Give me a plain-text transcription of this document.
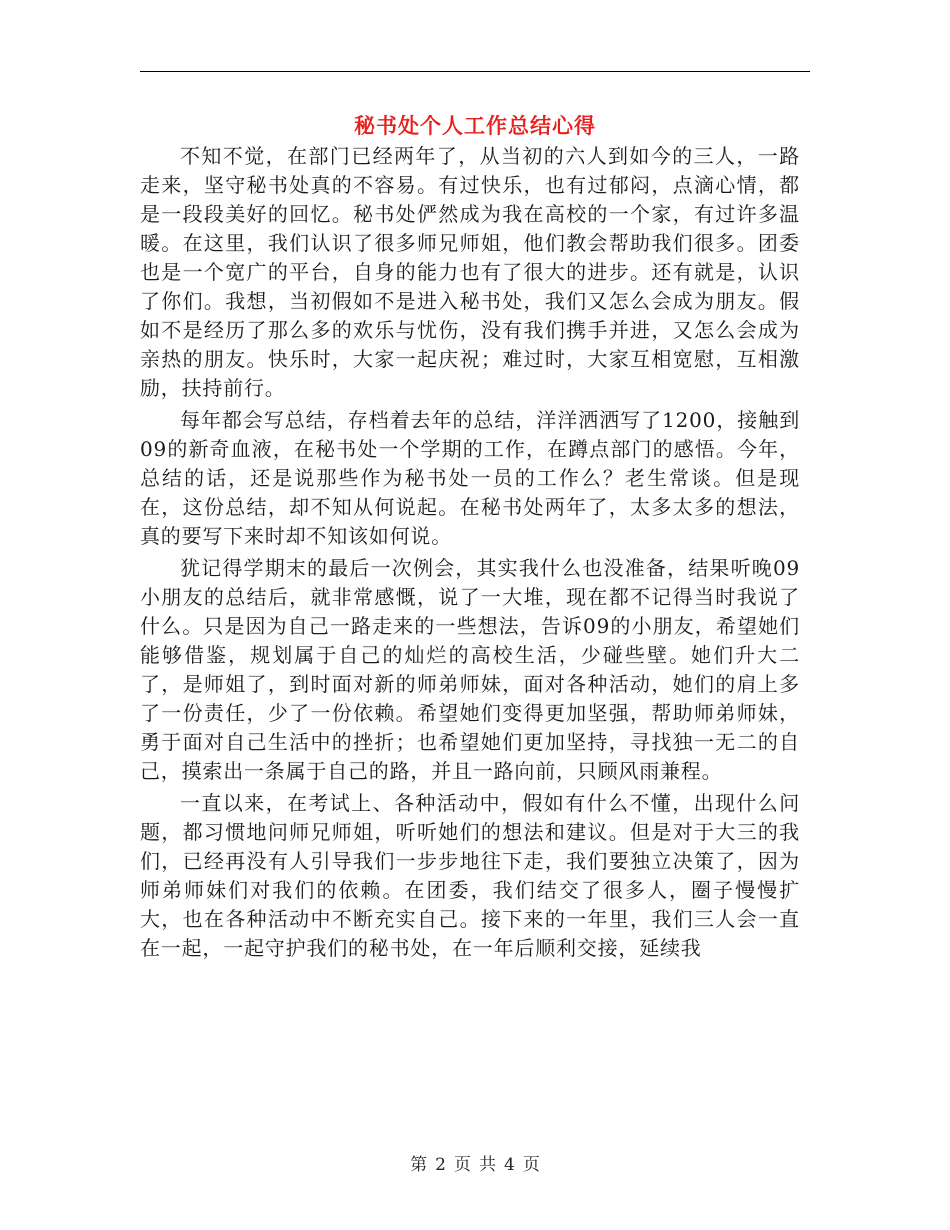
秘书处个人工作总结心得

不知不觉，在部门已经两年了，从当初的六人到如今的三人，一路走来，坚守秘书处真的不容易。有过快乐，也有过郁闷，点滴心情，都是一段段美好的回忆。秘书处俨然成为我在高校的一个家，有过许多温暖。在这里，我们认识了很多师兄师姐，他们教会帮助我们很多。团委也是一个宽广的平台，自身的能力也有了很大的进步。还有就是，认识了你们。我想，当初假如不是进入秘书处，我们又怎么会成为朋友。假如不是经历了那么多的欢乐与忧伤，没有我们携手并进，又怎么会成为亲热的朋友。快乐时，大家一起庆祝；难过时，大家互相宽慰，互相激励，扶持前行。

每年都会写总结，存档着去年的总结，洋洋洒洒写了1200，接触到09的新奇血液，在秘书处一个学期的工作，在蹲点部门的感悟。今年，总结的话，还是说那些作为秘书处一员的工作么？老生常谈。但是现在，这份总结，却不知从何说起。在秘书处两年了，太多太多的想法，真的要写下来时却不知该如何说。

犹记得学期末的最后一次例会，其实我什么也没准备，结果听晚09小朋友的总结后，就非常感慨，说了一大堆，现在都不记得当时我说了什么。只是因为自己一路走来的一些想法，告诉09的小朋友，希望她们能够借鉴，规划属于自己的灿烂的高校生活，少碰些壁。她们升大二了，是师姐了，到时面对新的师弟师妹，面对各种活动，她们的肩上多了一份责任，少了一份依赖。希望她们变得更加坚强，帮助师弟师妹，勇于面对自己生活中的挫折；也希望她们更加坚持，寻找独一无二的自己，摸索出一条属于自己的路，并且一路向前，只顾风雨兼程。

一直以来，在考试上、各种活动中，假如有什么不懂，出现什么问题，都习惯地问师兄师姐，听听她们的想法和建议。但是对于大三的我们，已经再没有人引导我们一步步地往下走，我们要独立决策了，因为师弟师妹们对我们的依赖。在团委，我们结交了很多人，圈子慢慢扩大，也在各种活动中不断充实自己。接下来的一年里，我们三人会一直在一起，一起守护我们的秘书处，在一年后顺利交接，延续我

第 2 页 共 4 页
